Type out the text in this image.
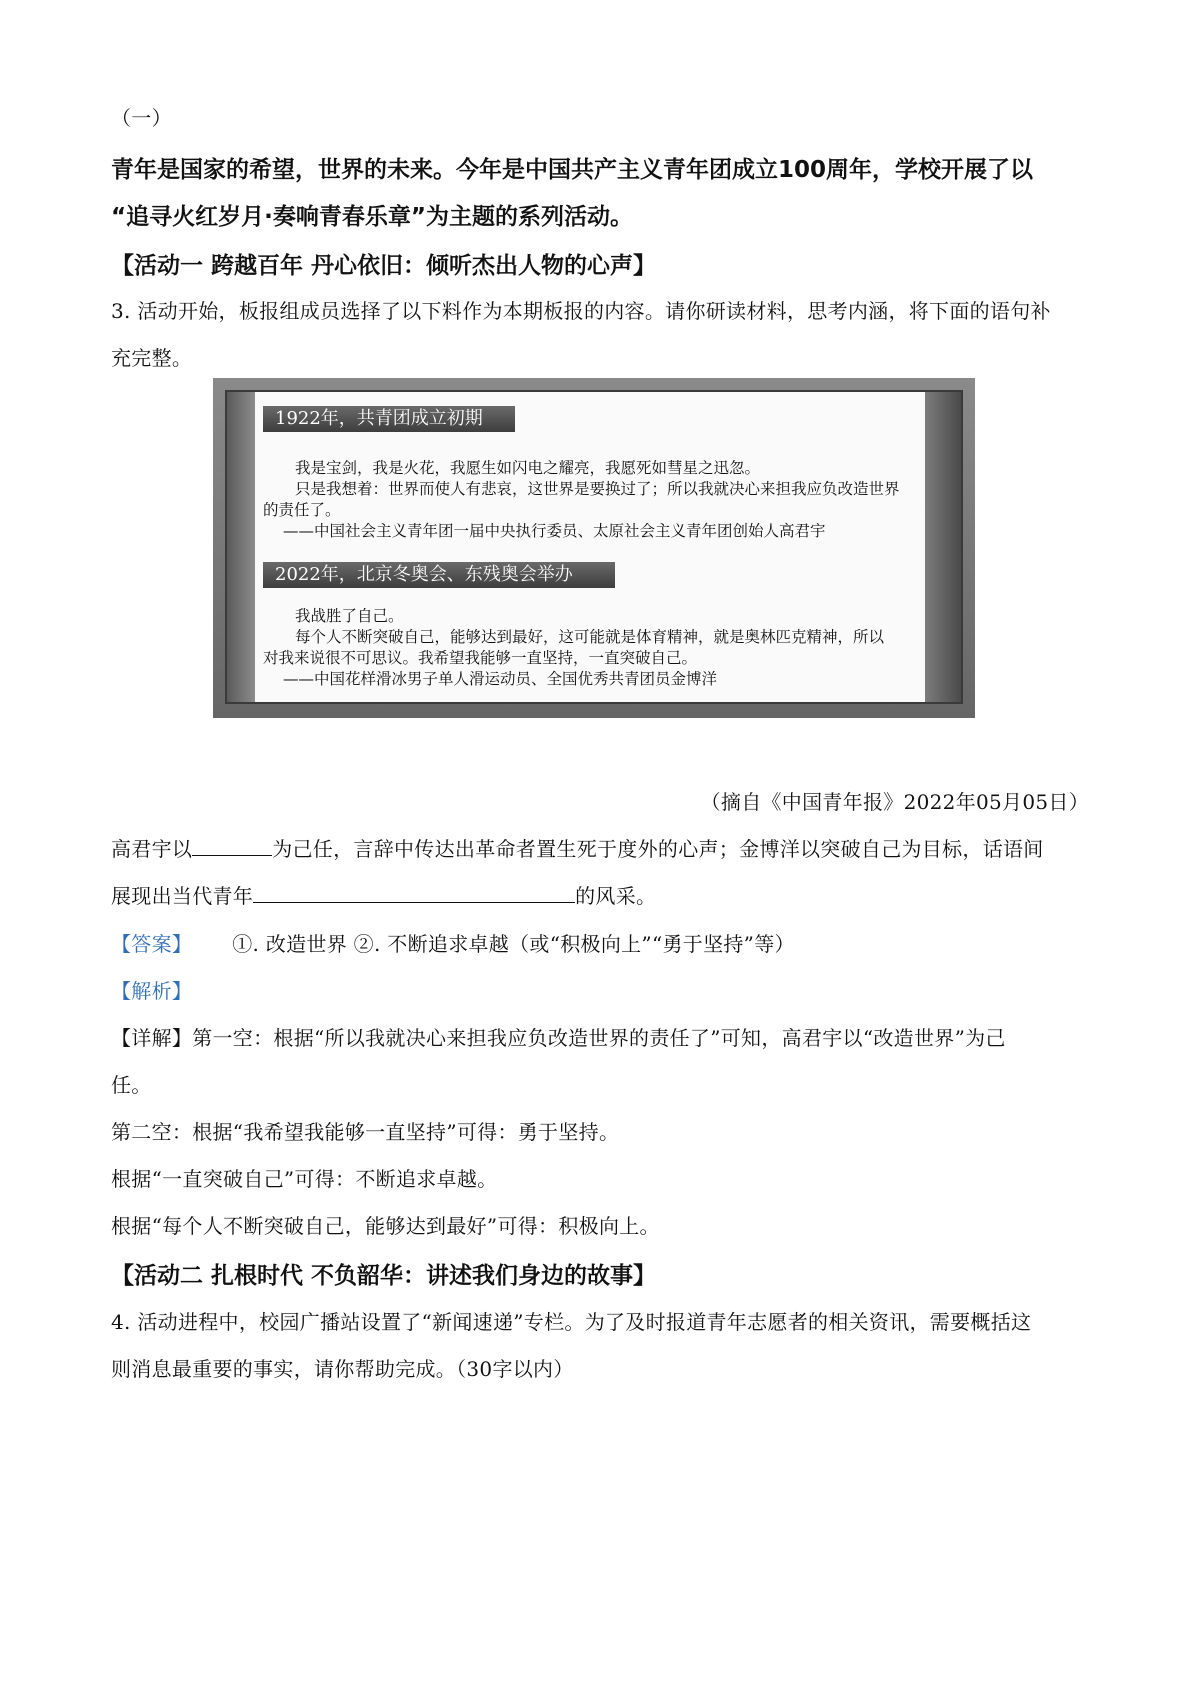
（一）
青年是国家的希望，世界的未来。今年是中国共产主义青年团成立100周年，学校开展了以
“追寻火红岁月·奏响青春乐章”为主题的系列活动。
【活动一 跨越百年 丹心依旧：倾听杰出人物的心声】
3. 活动开始，板报组成员选择了以下料作为本期板报的内容。请你研读材料，思考内涵，将下面的语句补
充完整。
1922年，共青团成立初期
我是宝剑，我是火花，我愿生如闪电之耀亮，我愿死如彗星之迅忽。
只是我想着：世界而使人有悲哀，这世界是要换过了；所以我就决心来担我应负改造世界
的责任了。
——中国社会主义青年团一届中央执行委员、太原社会主义青年团创始人高君宇
2022年，北京冬奥会、东残奥会举办
我战胜了自己。
每个人不断突破自己，能够达到最好，这可能就是体育精神，就是奥林匹克精神，所以
对我来说很不可思议。我希望我能够一直坚持，一直突破自己。
——中国花样滑冰男子单人滑运动员、全国优秀共青团员金博洋
（摘自《中国青年报》2022年05月05日）
高君宇以	为己任，言辞中传达出革命者置生死于度外的心声；金博洋以突破自己为目标，话语间
展现出当代青年	的风采。
【答案】 ①. 改造世界 ②. 不断追求卓越（或“积极向上”“勇于坚持”等）
【解析】
【详解】第一空：根据“所以我就决心来担我应负改造世界的责任了”可知，高君宇以“改造世界”为己
任。
第二空：根据“我希望我能够一直坚持”可得：勇于坚持。
根据“一直突破自己”可得：不断追求卓越。
根据“每个人不断突破自己，能够达到最好”可得：积极向上。
【活动二 扎根时代 不负韶华：讲述我们身边的故事】
4. 活动进程中，校园广播站设置了“新闻速递”专栏。为了及时报道青年志愿者的相关资讯，需要概括这
则消息最重要的事实，请你帮助完成。（30字以内）
